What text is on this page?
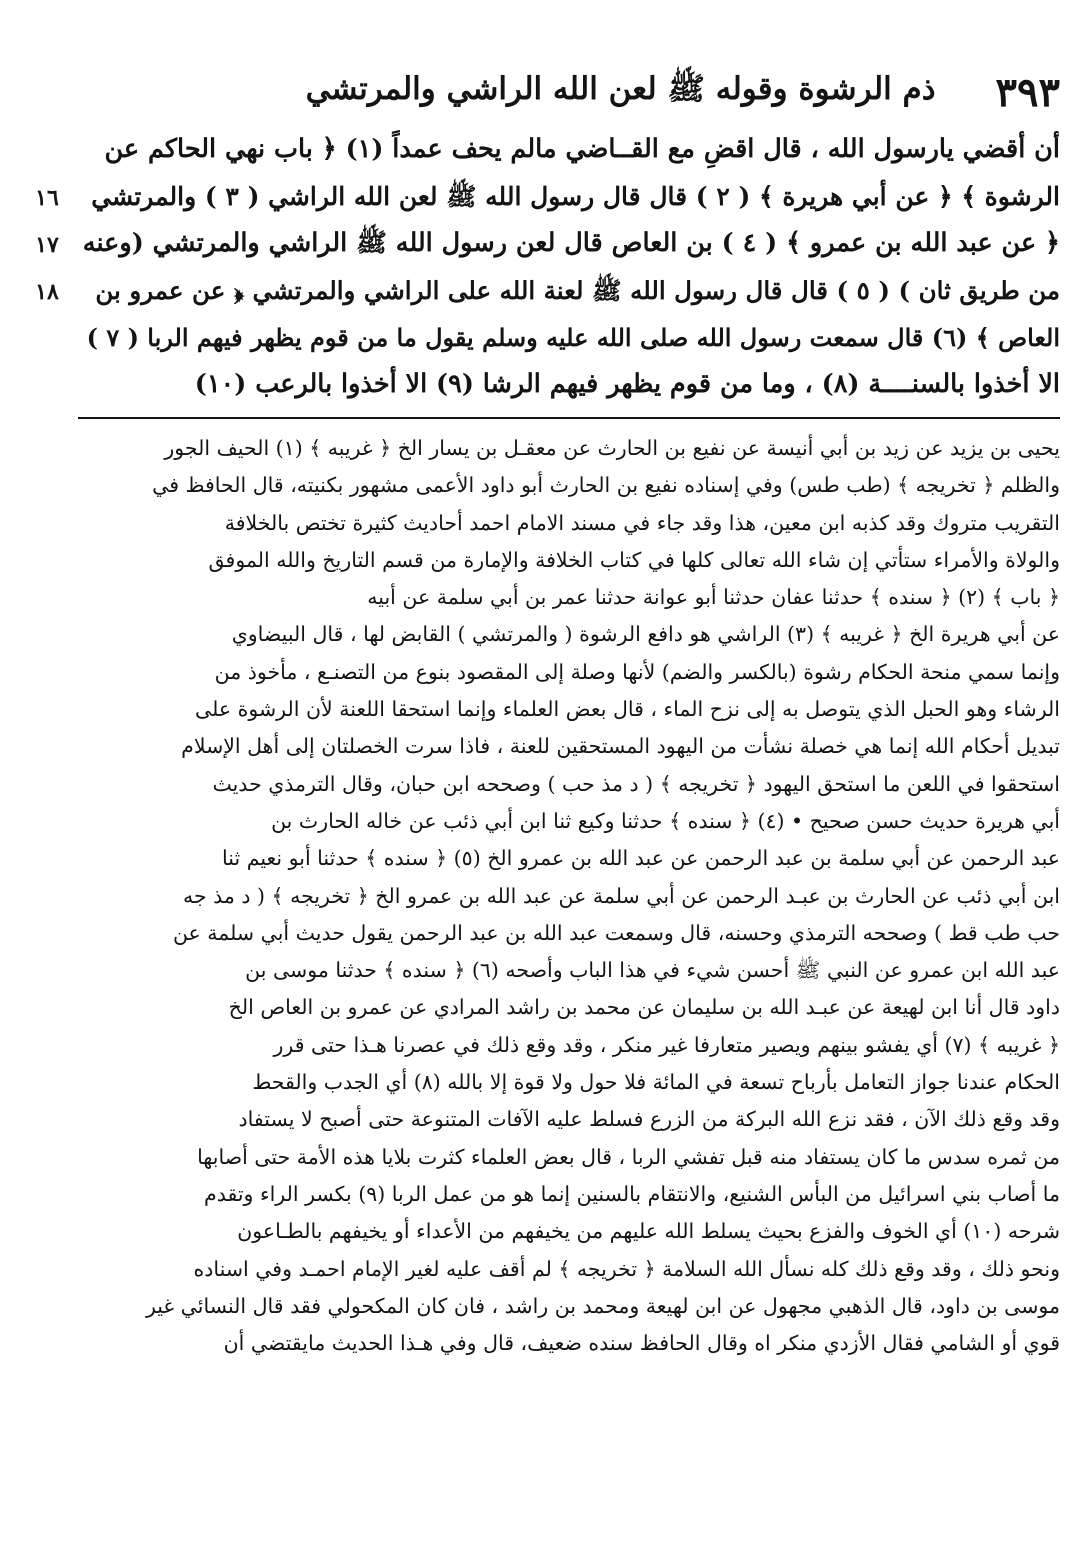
٣٩٣
ذم الرشوة وقوله ﷺ لعن الله الراشي والمرتشي
١٦
١٧
١٨
أن أقضي يارسول الله ، قال اقضِ مع القــاضي مالم يحف عمداً (١) ﴿ باب نهي الحاكم عن
الرشوة ﴾ ﴿ عن أبي هريرة ﴾ ( ٢ ) قال قال رسول الله ﷺ لعن الله الراشي ( ٣ ) والمرتشي
﴿ عن عبد الله بن عمرو ﴾ ( ٤ ) بن العاص قال لعن رسول الله ﷺ الراشي والمرتشي (وعنه
من طريق ثان ) ( ٥ ) قال قال رسول الله ﷺ لعنة الله على الراشي والمرتشي ﴿ عن عمرو بن
العاص ﴾ (٦) قال سمعت رسول الله صلى الله عليه وسلم يقول ما من قوم يظهر فيهم الربا ( ٧ )
الا أخذوا بالسنــــة (٨) ، وما من قوم يظهر فيهم الرشا (٩) الا أخذوا بالرعب (١٠)
يحيى بن يزيد عن زيد بن أبي أنيسة عن نفيع بن الحارث عن معقـل بن يسار الخ ﴿ غريبه ﴾ (١) الحيف الجور
والظلم ﴿ تخريجه ﴾ (طب طس) وفي إسناده نفيع بن الحارث أبو داود الأعمى مشهور بكنيته، قال الحافظ في
التقريب متروك وقد كذبه ابن معين، هذا وقد جاء في مسند الامام احمد أحاديث كثيرة تختص بالخلافة
والولاة والأمراء ستأتي إن شاء الله تعالى كلها في كتاب الخلافة والإمارة من قسم التاريخ والله الموفق
﴿ باب ﴾ (٢) ﴿ سنده ﴾ حدثنا عفان حدثنا أبو عوانة حدثنا عمر بن أبي سلمة عن أبيه
عن أبي هريرة الخ ﴿ غريبه ﴾ (٣) الراشي هو دافع الرشوة ( والمرتشي ) القابض لها ، قال البيضاوي
وإنما سمي منحة الحكام رشوة (بالكسر والضم) لأنها وصلة إلى المقصود بنوع من التصنـع ، مأخوذ من
الرشاء وهو الحبل الذي يتوصل به إلى نزح الماء ، قال بعض العلماء وإنما استحقا اللعنة لأن الرشوة على
تبديل أحكام الله إنما هي خصلة نشأت من اليهود المستحقين للعنة ، فاذا سرت الخصلتان إلى أهل الإسلام
استحقوا في اللعن ما استحق اليهود ﴿ تخريجه ﴾ ( د مذ حب ) وصححه ابن حبان، وقال الترمذي حديث
أبي هريرة حديث حسن صحيح • (٤) ﴿ سنده ﴾ حدثنا وكيع ثنا ابن أبي ذئب عن خاله الحارث بن
عبد الرحمن عن أبي سلمة بن عبد الرحمن عن عبد الله بن عمرو الخ (٥) ﴿ سنده ﴾ حدثنا أبو نعيم ثنا
ابن أبي ذئب عن الحارث بن عبـد الرحمن عن أبي سلمة عن عبد الله بن عمرو الخ ﴿ تخريجه ﴾ ( د مذ جه
حب طب قط ) وصححه الترمذي وحسنه، قال وسمعت عبد الله بن عبد الرحمن يقول حديث أبي سلمة عن
عبد الله ابن عمرو عن النبي ﷺ أحسن شيء في هذا الباب وأصحه (٦) ﴿ سنده ﴾ حدثنا موسى بن
داود قال أنا ابن لهيعة عن عبـد الله بن سليمان عن محمد بن راشد المرادي عن عمرو بن العاص الخ
﴿ غريبه ﴾ (٧) أي يفشو بينهم ويصير متعارفا غير منكر ، وقد وقع ذلك في عصرنا هـذا حتى قرر
الحكام عندنا جواز التعامل بأرباح تسعة في المائة فلا حول ولا قوة إلا بالله (٨) أي الجدب والقحط
وقد وقع ذلك الآن ، فقد نزع الله البركة من الزرع فسلط عليه الآفات المتنوعة حتى أصبح لا يستفاد
من ثمره سدس ما كان يستفاد منه قبل تفشي الربا ، قال بعض العلماء كثرت بلايا هذه الأمة حتى أصابها
ما أصاب بني اسرائيل من البأس الشنيع، والانتقام بالسنين إنما هو من عمل الربا (٩) بكسر الراء وتقدم
شرحه (١٠) أي الخوف والفزع بحيث يسلط الله عليهم من يخيفهم من الأعداء أو يخيفهم بالطـاعون
ونحو ذلك ، وقد وقع ذلك كله نسأل الله السلامة ﴿ تخريجه ﴾ لم أقف عليه لغير الإمام احمـد وفي اسناده
موسى بن داود، قال الذهبي مجهول عن ابن لهيعة ومحمد بن راشد ، فان كان المكحولي فقد قال النسائي غير
قوي أو الشامي فقال الأزدي منكر اه وقال الحافظ سنده ضعيف، قال وفي هـذا الحديث مايقتضي أن
